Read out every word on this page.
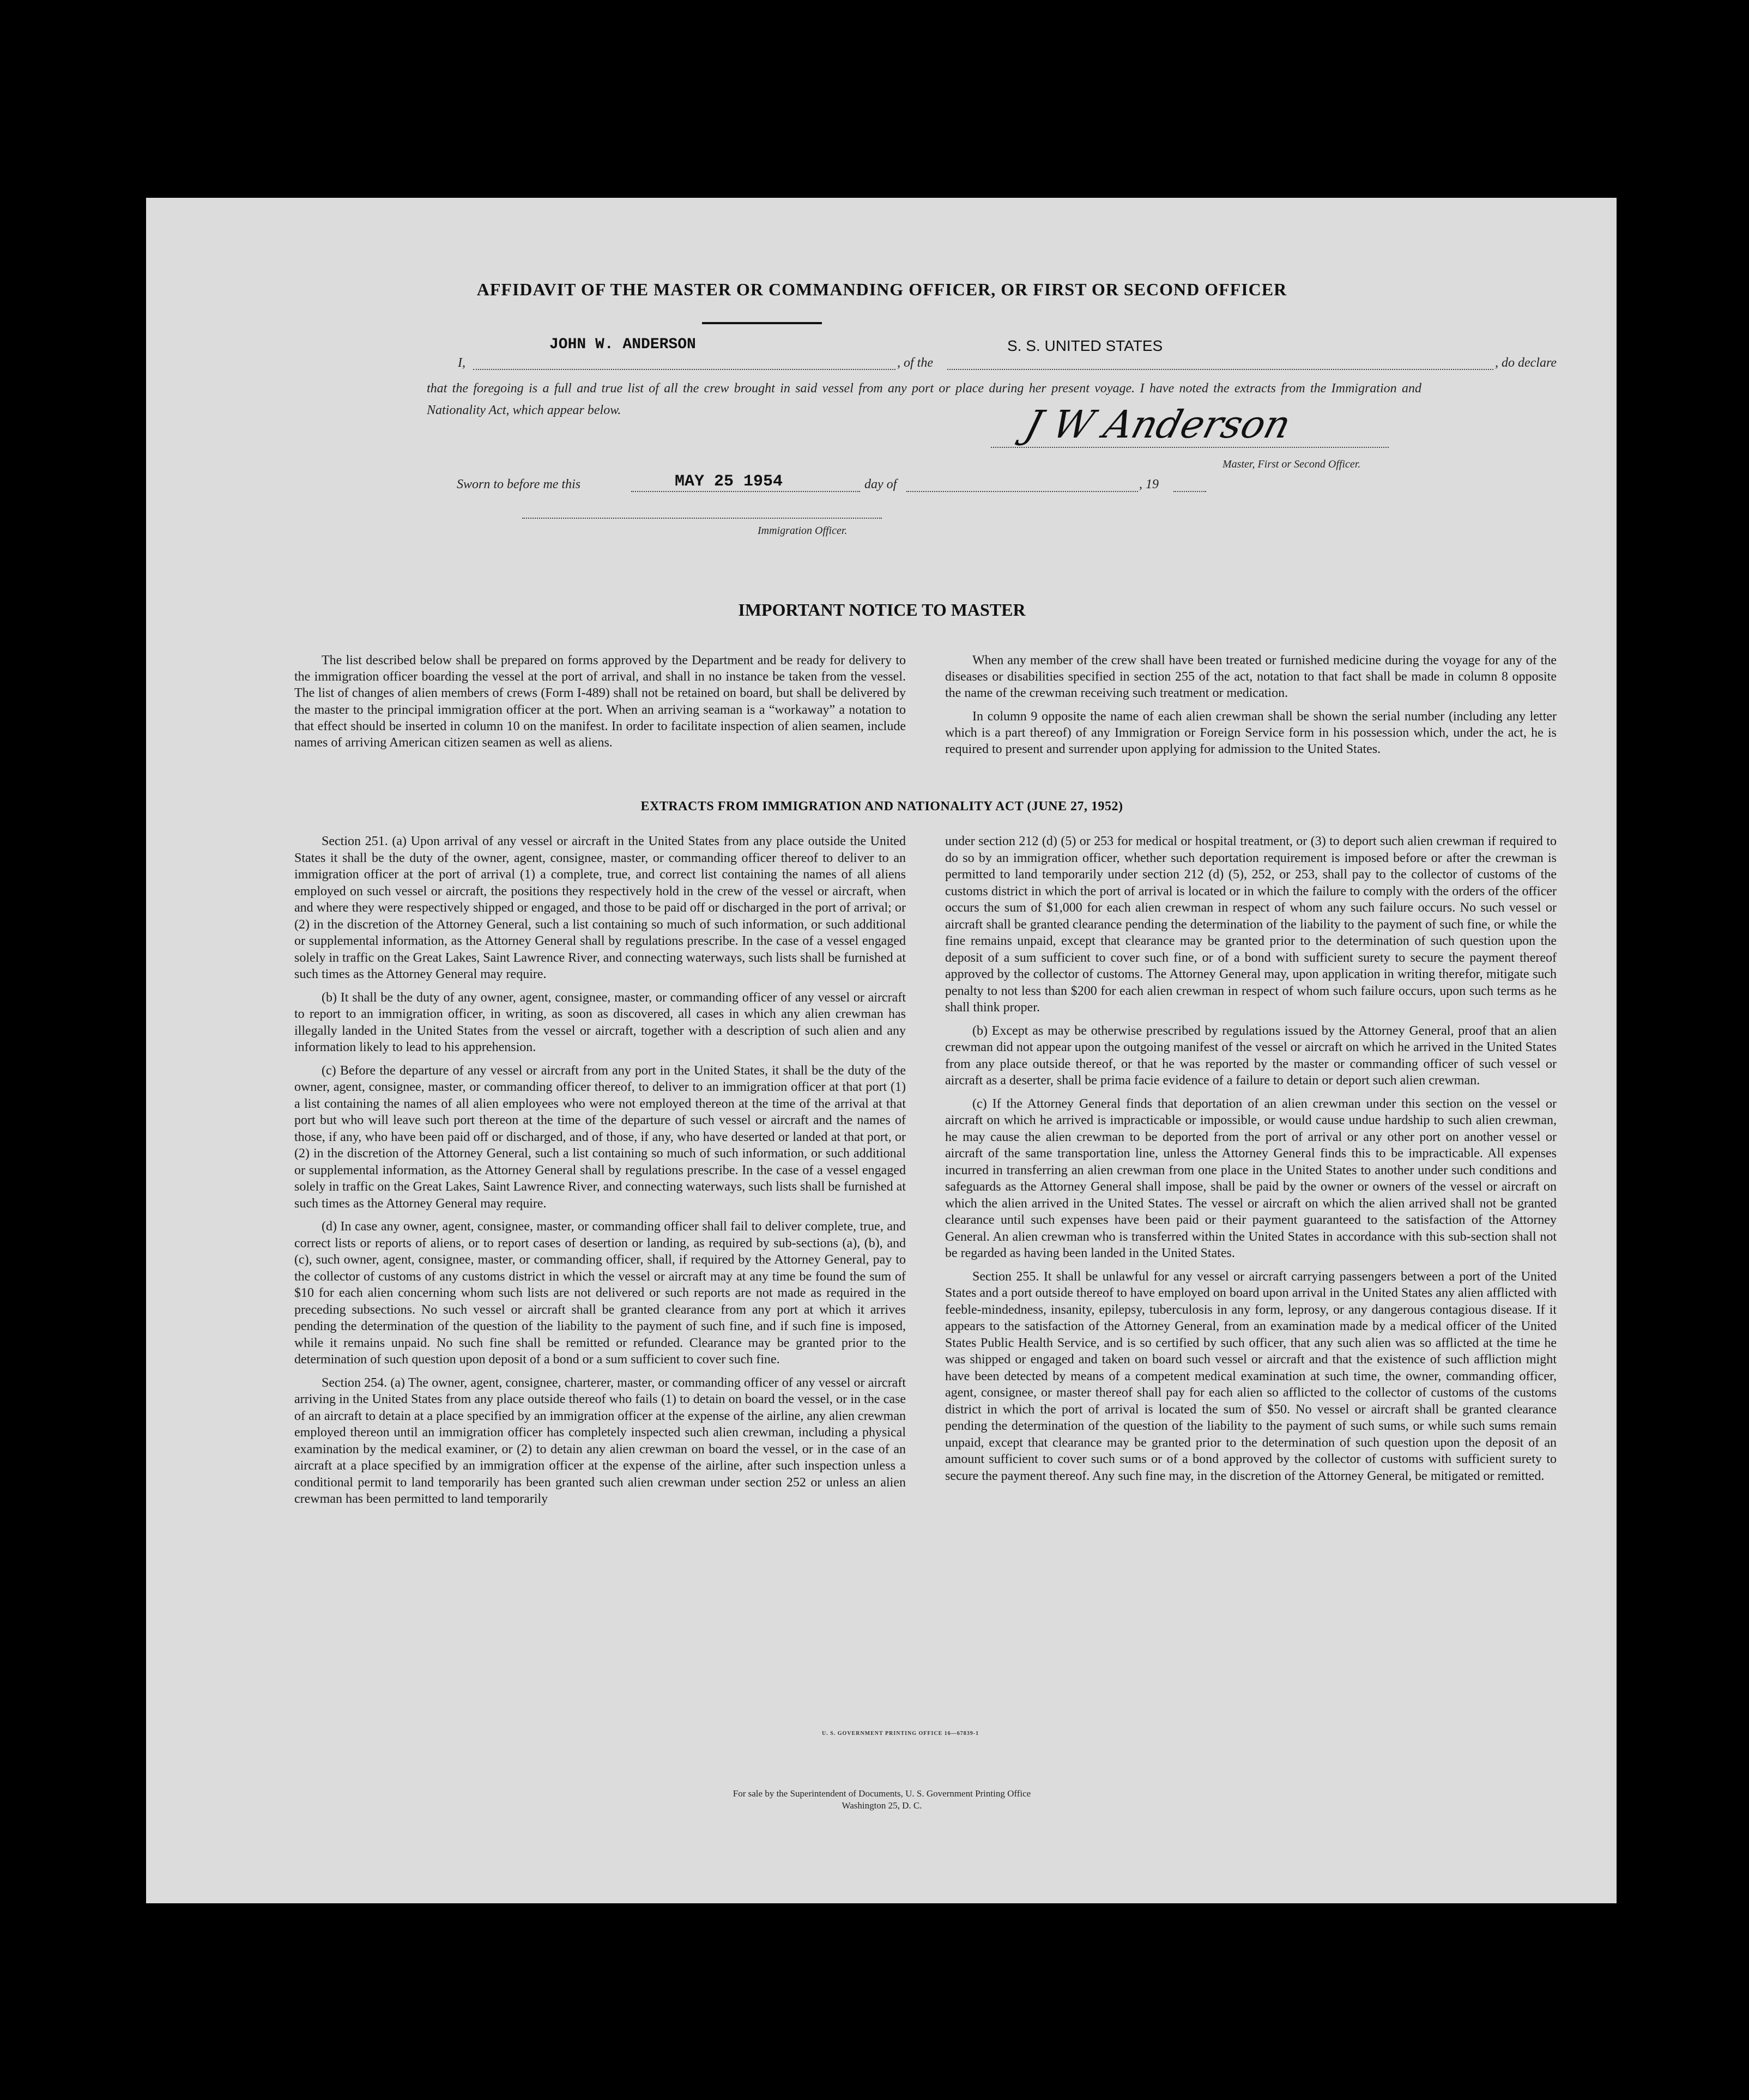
AFFIDAVIT OF THE MASTER OR COMMANDING OFFICER, OR FIRST OR SECOND OFFICER
I,
JOHN W. ANDERSON
, of the
S. S. UNITED STATES
, do declare
that the foregoing is a full and true list of all the crew brought in said vessel from any port or place during her present voyage. I have noted the extracts from the Immigration and Nationality Act, which appear below.	J W Anderson
Master, First or Second Officer.
Sworn to before me this	MAY 25 1954	day of	, 19
Immigration Officer.
IMPORTANT NOTICE TO MASTER

The list described below shall be prepared on forms approved by the Department and be ready for delivery to the immigration officer boarding the vessel at the port of arrival, and shall in no instance be taken from the vessel. The list of changes of alien members of crews (Form I-489) shall not be retained on board, but shall be delivered by the master to the principal immigration officer at the port. When an arriving seaman is a “workaway” a notation to that effect should be inserted in column 10 on the manifest. In order to facilitate inspection of alien seamen, include names of arriving American citizen seamen as well as aliens.

When any member of the crew shall have been treated or furnished medicine during the voyage for any of the diseases or disabilities specified in section 255 of the act, notation to that fact shall be made in column 8 opposite the name of the crewman receiving such treatment or medication.

In column 9 opposite the name of each alien crewman shall be shown the serial number (including any letter which is a part thereof) of any Immigration or Foreign Service form in his possession which, under the act, he is required to present and surrender upon applying for admission to the United States.

EXTRACTS FROM IMMIGRATION AND NATIONALITY ACT (JUNE 27, 1952)

Section 251. (a) Upon arrival of any vessel or aircraft in the United States from any place outside the United States it shall be the duty of the owner, agent, consignee, master, or commanding officer thereof to deliver to an immigration officer at the port of arrival (1) a complete, true, and correct list containing the names of all aliens employed on such vessel or aircraft, the positions they respectively hold in the crew of the vessel or aircraft, when and where they were respectively shipped or engaged, and those to be paid off or discharged in the port of arrival; or (2) in the discretion of the Attorney General, such a list containing so much of such information, or such additional or supplemental information, as the Attorney General shall by regulations prescribe. In the case of a vessel engaged solely in traffic on the Great Lakes, Saint Lawrence River, and connecting waterways, such lists shall be furnished at such times as the Attorney General may require.

(b) It shall be the duty of any owner, agent, consignee, master, or commanding officer of any vessel or aircraft to report to an immigration officer, in writing, as soon as discovered, all cases in which any alien crewman has illegally landed in the United States from the vessel or aircraft, together with a description of such alien and any information likely to lead to his apprehension.

(c) Before the departure of any vessel or aircraft from any port in the United States, it shall be the duty of the owner, agent, consignee, master, or commanding officer thereof, to deliver to an immigration officer at that port (1) a list containing the names of all alien employees who were not employed thereon at the time of the arrival at that port but who will leave such port thereon at the time of the departure of such vessel or aircraft and the names of those, if any, who have been paid off or discharged, and of those, if any, who have deserted or landed at that port, or (2) in the discretion of the Attorney General, such a list containing so much of such information, or such additional or supplemental information, as the Attorney General shall by regulations prescribe. In the case of a vessel engaged solely in traffic on the Great Lakes, Saint Lawrence River, and connecting waterways, such lists shall be furnished at such times as the Attorney General may require.

(d) In case any owner, agent, consignee, master, or commanding officer shall fail to deliver complete, true, and correct lists or reports of aliens, or to report cases of desertion or landing, as required by sub-sections (a), (b), and (c), such owner, agent, consignee, master, or commanding officer, shall, if required by the Attorney General, pay to the collector of customs of any customs district in which the vessel or aircraft may at any time be found the sum of $10 for each alien concerning whom such lists are not delivered or such reports are not made as required in the preceding subsections. No such vessel or aircraft shall be granted clearance from any port at which it arrives pending the determination of the question of the liability to the payment of such fine, and if such fine is imposed, while it remains unpaid. No such fine shall be remitted or refunded. Clearance may be granted prior to the determination of such question upon deposit of a bond or a sum sufficient to cover such fine.

Section 254. (a) The owner, agent, consignee, charterer, master, or commanding officer of any vessel or aircraft arriving in the United States from any place outside thereof who fails (1) to detain on board the vessel, or in the case of an aircraft to detain at a place specified by an immigration officer at the expense of the airline, any alien crewman employed thereon until an immigration officer has completely inspected such alien crewman, including a physical examination by the medical examiner, or (2) to detain any alien crewman on board the vessel, or in the case of an aircraft at a place specified by an immigration officer at the expense of the airline, after such inspection unless a conditional permit to land temporarily has been granted such alien crewman under section 252 or unless an alien crewman has been permitted to land temporarily

under section 212 (d) (5) or 253 for medical or hospital treatment, or (3) to deport such alien crewman if required to do so by an immigration officer, whether such deportation requirement is imposed before or after the crewman is permitted to land temporarily under section 212 (d) (5), 252, or 253, shall pay to the collector of customs of the customs district in which the port of arrival is located or in which the failure to comply with the orders of the officer occurs the sum of $1,000 for each alien crewman in respect of whom any such failure occurs. No such vessel or aircraft shall be granted clearance pending the determination of the liability to the payment of such fine, or while the fine remains unpaid, except that clearance may be granted prior to the determination of such question upon the deposit of a sum sufficient to cover such fine, or of a bond with sufficient surety to secure the payment thereof approved by the collector of customs. The Attorney General may, upon application in writing therefor, mitigate such penalty to not less than $200 for each alien crewman in respect of whom such failure occurs, upon such terms as he shall think proper.

(b) Except as may be otherwise prescribed by regulations issued by the Attorney General, proof that an alien crewman did not appear upon the outgoing manifest of the vessel or aircraft on which he arrived in the United States from any place outside thereof, or that he was reported by the master or commanding officer of such vessel or aircraft as a deserter, shall be prima facie evidence of a failure to detain or deport such alien crewman.

(c) If the Attorney General finds that deportation of an alien crewman under this section on the vessel or aircraft on which he arrived is impracticable or impossible, or would cause undue hardship to such alien crewman, he may cause the alien crewman to be deported from the port of arrival or any other port on another vessel or aircraft of the same transportation line, unless the Attorney General finds this to be impracticable. All expenses incurred in transferring an alien crewman from one place in the United States to another under such conditions and safeguards as the Attorney General shall impose, shall be paid by the owner or owners of the vessel or aircraft on which the alien arrived in the United States. The vessel or aircraft on which the alien arrived shall not be granted clearance until such expenses have been paid or their payment guaranteed to the satisfaction of the Attorney General. An alien crewman who is transferred within the United States in accordance with this sub-section shall not be regarded as having been landed in the United States.

Section 255. It shall be unlawful for any vessel or aircraft carrying passengers between a port of the United States and a port outside thereof to have employed on board upon arrival in the United States any alien afflicted with feeble-mindedness, insanity, epilepsy, tuberculosis in any form, leprosy, or any dangerous contagious disease. If it appears to the satisfaction of the Attorney General, from an examination made by a medical officer of the United States Public Health Service, and is so certified by such officer, that any such alien was so afflicted at the time he was shipped or engaged and taken on board such vessel or aircraft and that the existence of such affliction might have been detected by means of a competent medical examination at such time, the owner, commanding officer, agent, consignee, or master thereof shall pay for each alien so afflicted to the collector of customs of the customs district in which the port of arrival is located the sum of $50. No vessel or aircraft shall be granted clearance pending the determination of the question of the liability to the payment of such sums, or while such sums remain unpaid, except that clearance may be granted prior to the determination of such question upon the deposit of an amount sufficient to cover such sums or of a bond approved by the collector of customs with sufficient surety to secure the payment thereof. Any such fine may, in the discretion of the Attorney General, be mitigated or remitted.

U. S. GOVERNMENT PRINTING OFFICE 16—67839-1
For sale by the Superintendent of Documents, U. S. Government Printing Office
Washington 25, D. C.
